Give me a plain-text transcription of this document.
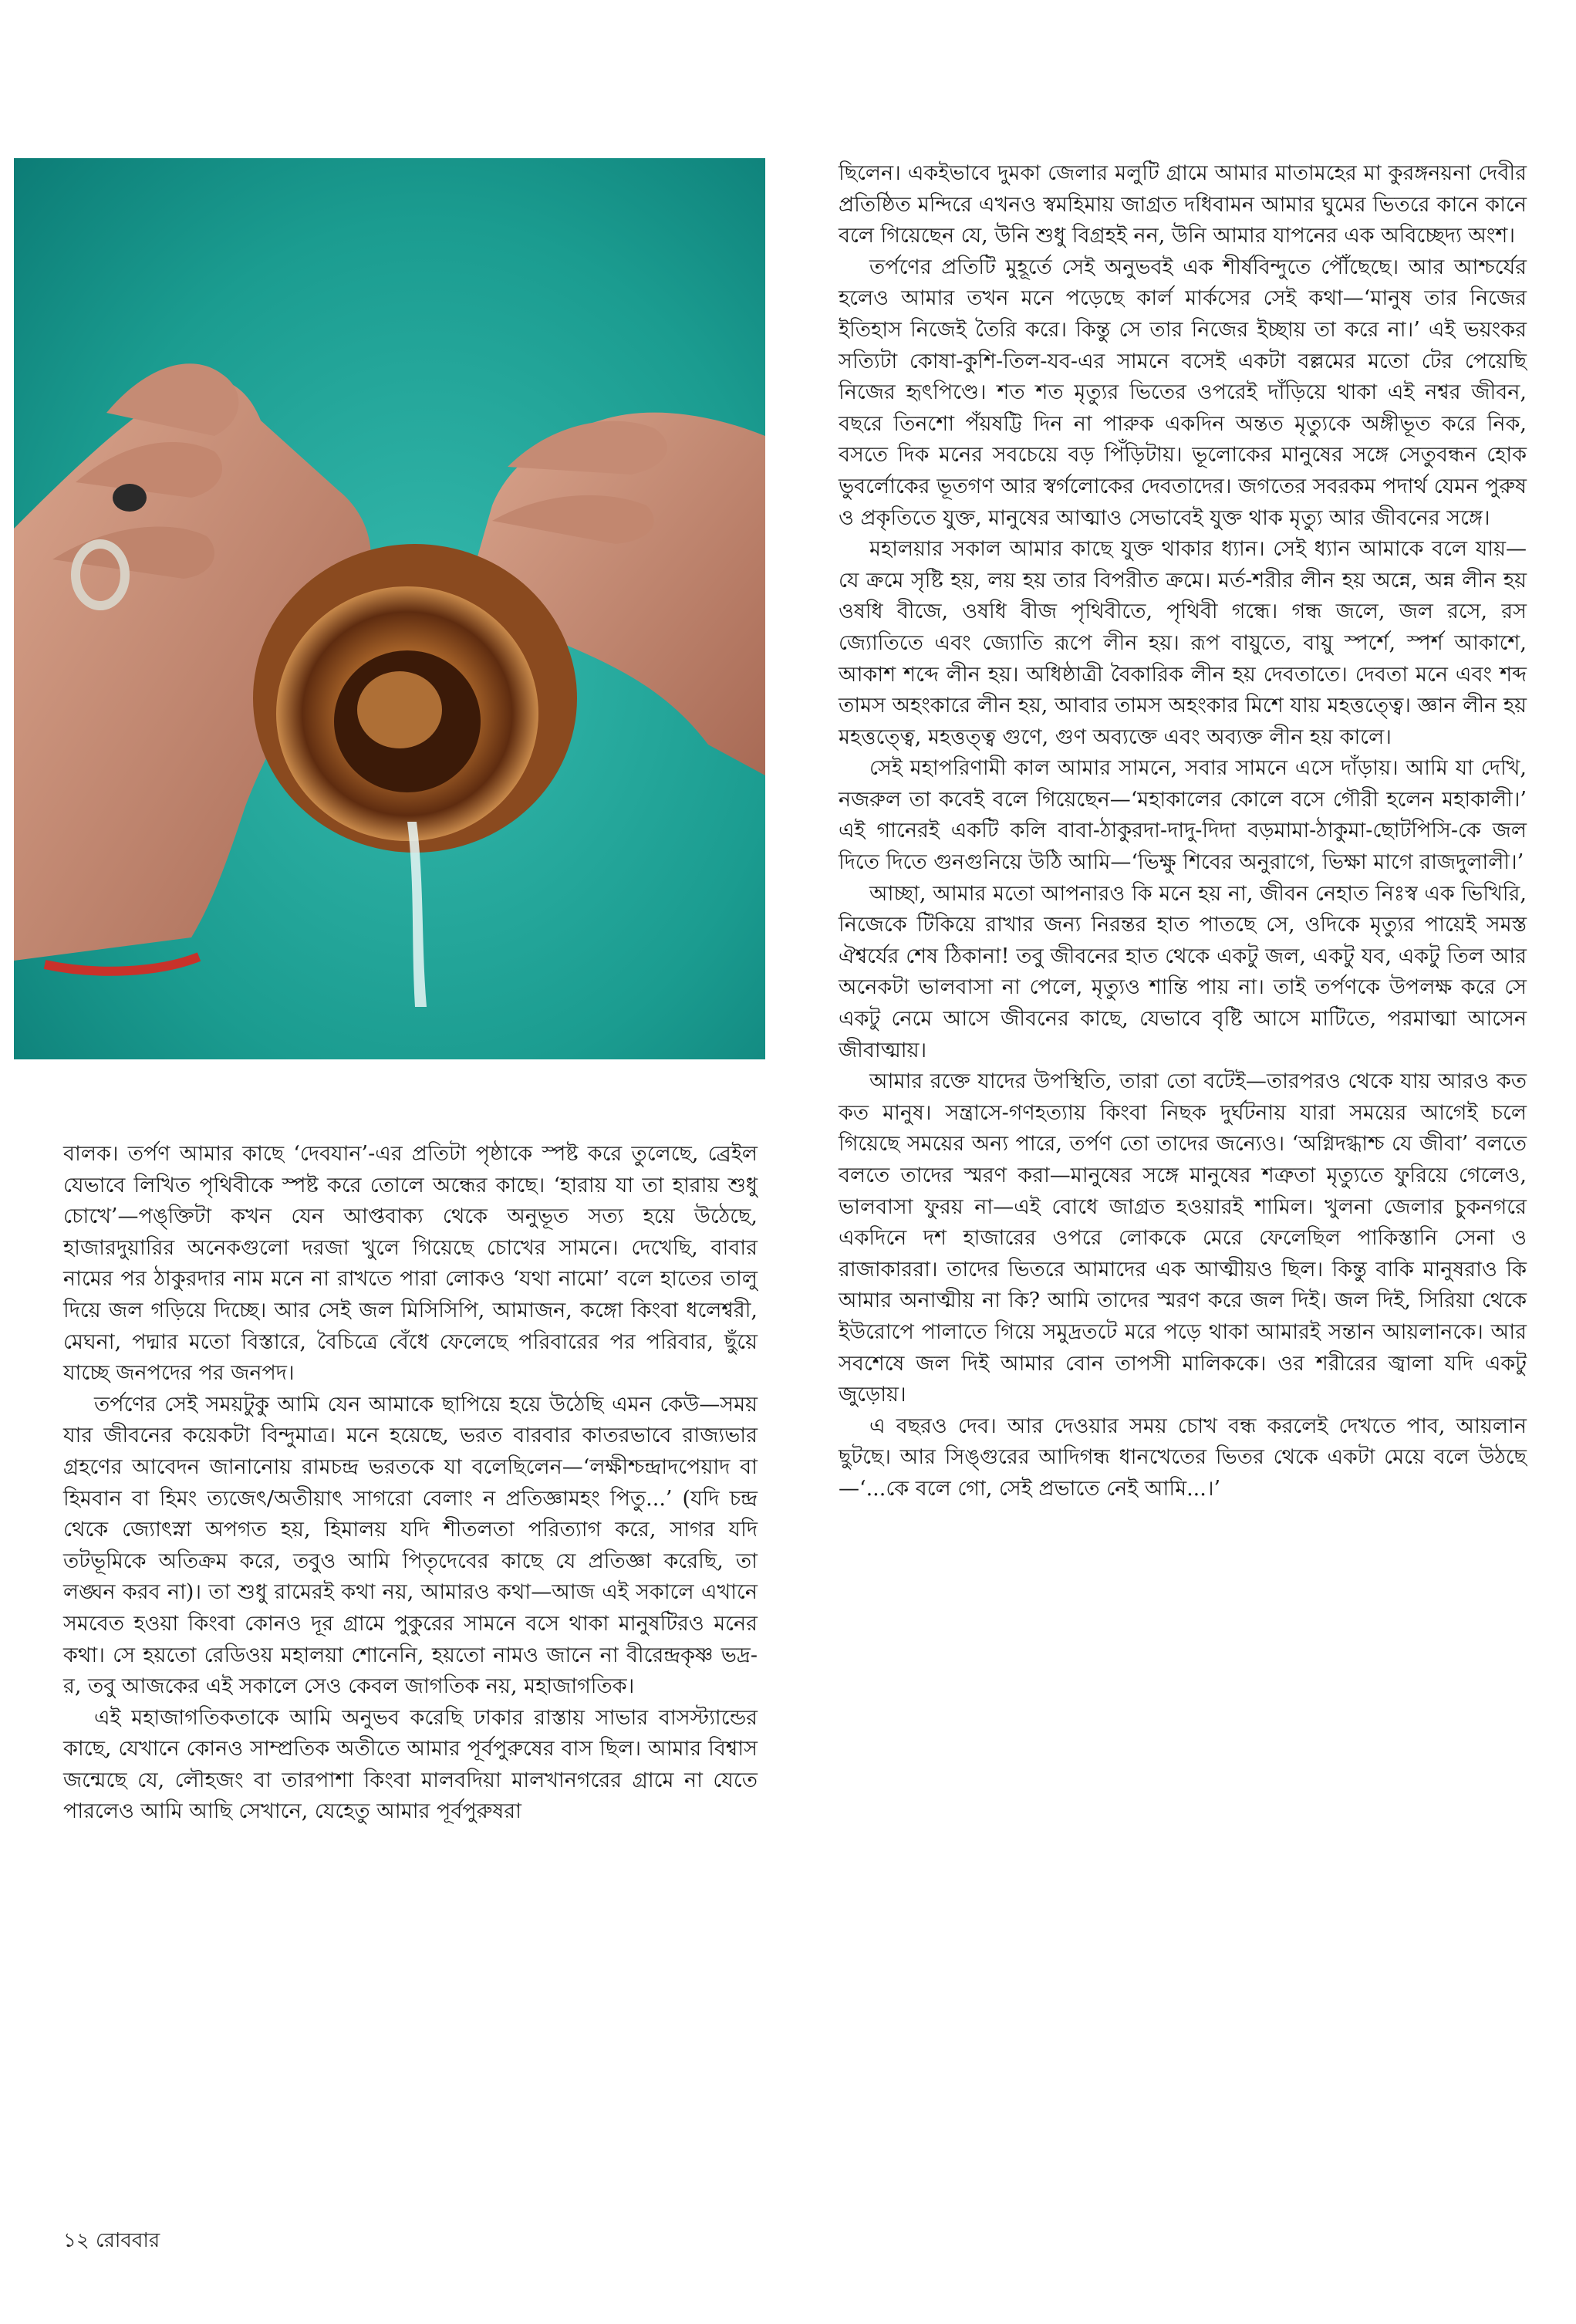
বালক। তর্পণ আমার কাছে ‘দেবযান’-এর প্রতিটা পৃষ্ঠাকে স্পষ্ট করে তুলেছে, ব্রেইল যেভাবে লিখিত পৃথিবীকে স্পষ্ট করে তোলে অন্ধের কাছে। ‘হারায় যা তা হারায় শুধু চোখে’—পঙ্‌ক্তিটা কখন যেন আপ্তবাক্য থেকে অনুভূত সত্য হয়ে উঠেছে, হাজারদুয়ারির অনেকগুলো দরজা খুলে গিয়েছে চোখের সামনে। দেখেছি, বাবার নামের পর ঠাকুরদার নাম মনে না রাখতে পারা লোকও ‘যথা নামো’ বলে হাতের তালু দিয়ে জল গড়িয়ে দিচ্ছে। আর সেই জল মিসিসিপি, আমাজন, কঙ্গো কিংবা ধলেশ্বরী, মেঘনা, পদ্মার মতো বিস্তারে, বৈচিত্রে বেঁধে ফেলেছে পরিবারের পর পরিবার, ছুঁয়ে যাচ্ছে জনপদের পর জনপদ।

তর্পণের সেই সময়টুকু আমি যেন আমাকে ছাপিয়ে হয়ে উঠেছি এমন কেউ—সময় যার জীবনের কয়েকটা বিন্দুমাত্র। মনে হয়েছে, ভরত বারবার কাতরভাবে রাজ্যভার গ্রহণের আবেদন জানানোয় রামচন্দ্র ভরতকে যা বলেছিলেন—‘লক্ষীশ্চন্দ্রাদপেয়াদ বা হিমবান বা হিমং ত্যজেৎ/অতীয়াৎ সাগরো বেলাং ন প্রতিজ্ঞামহং পিতু...’ (যদি চন্দ্র থেকে জ্যোৎস্না অপগত হয়, হিমালয় যদি শীতলতা পরিত্যাগ করে, সাগর যদি তটভূমিকে অতিক্রম করে, তবুও আমি পিতৃদেবের কাছে যে প্রতিজ্ঞা করেছি, তা লঙ্ঘন করব না)। তা শুধু রামেরই কথা নয়, আমারও কথা—আজ এই সকালে এখানে সমবেত হওয়া কিংবা কোনও দূর গ্রামে পুকুরের সামনে বসে থাকা মানুষটিরও মনের কথা। সে হয়তো রেডিওয় মহালয়া শোনেনি, হয়তো নামও জানে না বীরেন্দ্রকৃষ্ণ ভদ্র-র, তবু আজকের এই সকালে সেও কেবল জাগতিক নয়, মহাজাগতিক।

এই মহাজাগতিকতাকে আমি অনুভব করেছি ঢাকার রাস্তায় সাভার বাসস্ট্যান্ডের কাছে, যেখানে কোনও সাম্প্রতিক অতীতে আমার পূর্বপুরুষের বাস ছিল। আমার বিশ্বাস জন্মেছে যে, লৌহজং বা তারপাশা কিংবা মালবদিয়া মালখানগরের গ্রামে না যেতে পারলেও আমি আছি সেখানে, যেহেতু আমার পূর্বপুরুষরা

ছিলেন। একইভাবে দুমকা জেলার মলুটি গ্রামে আমার মাতামহের মা কুরঙ্গনয়না দেবীর প্রতিষ্ঠিত মন্দিরে এখনও স্বমহিমায় জাগ্রত দধিবামন আমার ঘুমের ভিতরে কানে কানে বলে গিয়েছেন যে, উনি শুধু বিগ্রহই নন, উনি আমার যাপনের এক অবিচ্ছেদ্য অংশ।

তর্পণের প্রতিটি মুহূর্তে সেই অনুভবই এক শীর্ষবিন্দুতে পৌঁছেছে। আর আশ্চর্যের হলেও আমার তখন মনে পড়েছে কার্ল মার্কসের সেই কথা—‘মানুষ তার নিজের ইতিহাস নিজেই তৈরি করে। কিন্তু সে তার নিজের ইচ্ছায় তা করে না।’ এই ভয়ংকর সত্যিটা কোষা-কুশি-তিল-যব-এর সামনে বসেই একটা বল্লমের মতো টের পেয়েছি নিজের হৃৎপিণ্ডে। শত শত মৃত্যুর ভিতের ওপরেই দাঁড়িয়ে থাকা এই নশ্বর জীবন, বছরে তিনশো পঁয়ষট্টি দিন না পারুক একদিন অন্তত মৃত্যুকে অঙ্গীভূত করে নিক, বসতে দিক মনের সবচেয়ে বড় পিঁড়িটায়। ভূলোকের মানুষের সঙ্গে সেতুবন্ধন হোক ভুবর্লোকের ভূতগণ আর স্বর্গলোকের দেবতাদের। জগতের সবরকম পদার্থ যেমন পুরুষ ও প্রকৃতিতে যুক্ত, মানুষের আত্মাও সেভাবেই যুক্ত থাক মৃত্যু আর জীবনের সঙ্গে।

মহালয়ার সকাল আমার কাছে যুক্ত থাকার ধ্যান। সেই ধ্যান আমাকে বলে যায়—যে ক্রমে সৃষ্টি হয়, লয় হয় তার বিপরীত ক্রমে। মর্ত-শরীর লীন হয় অন্নে, অন্ন লীন হয় ওষধি বীজে, ওষধি বীজ পৃথিবীতে, পৃথিবী গন্ধে। গন্ধ জলে, জল রসে, রস জ্যোতিতে এবং জ্যোতি রূপে লীন হয়। রূপ বায়ুতে, বায়ু স্পর্শে, স্পর্শ আকাশে, আকাশ শব্দে লীন হয়। অধিষ্ঠাত্রী বৈকারিক লীন হয় দেবতাতে। দেবতা মনে এবং শব্দ তামস অহংকারে লীন হয়, আবার তামস অহংকার মিশে যায় মহত্তত্ত্বে। জ্ঞান লীন হয় মহত্তত্ত্বে, মহত্তত্ত্ব গুণে, গুণ অব্যক্তে এবং অব্যক্ত লীন হয় কালে।

সেই মহাপরিণামী কাল আমার সামনে, সবার সামনে এসে দাঁড়ায়। আমি যা দেখি, নজরুল তা কবেই বলে গিয়েছেন—‘মহাকালের কোলে বসে গৌরী হলেন মহাকালী।’ এই গানেরই একটি কলি বাবা-ঠাকুরদা-দাদু-দিদা বড়মামা-ঠাকুমা-ছোটপিসি-কে জল দিতে দিতে গুনগুনিয়ে উঠি আমি—‘ভিক্ষু শিবের অনুরাগে, ভিক্ষা মাগে রাজদুলালী।’

আচ্ছা, আমার মতো আপনারও কি মনে হয় না, জীবন নেহাত নিঃস্ব এক ভিখিরি, নিজেকে টিকিয়ে রাখার জন্য নিরন্তর হাত পাতছে সে, ওদিকে মৃত্যুর পায়েই সমস্ত ঐশ্বর্যের শেষ ঠিকানা! তবু জীবনের হাত থেকে একটু জল, একটু যব, একটু তিল আর অনেকটা ভালবাসা না পেলে, মৃত্যুও শান্তি পায় না। তাই তর্পণকে উপলক্ষ করে সে একটু নেমে আসে জীবনের কাছে, যেভাবে বৃষ্টি আসে মাটিতে, পরমাত্মা আসেন জীবাত্মায়।

আমার রক্তে যাদের উপস্থিতি, তারা তো বটেই—তারপরও থেকে যায় আরও কত কত মানুষ। সন্ত্রাসে-গণহত্যায় কিংবা নিছক দুর্ঘটনায় যারা সময়ের আগেই চলে গিয়েছে সময়ের অন্য পারে, তর্পণ তো তাদের জন্যেও। ‘অগ্নিদগ্ধাশ্চ যে জীবা’ বলতে বলতে তাদের স্মরণ করা—মানুষের সঙ্গে মানুষের শত্রুতা মৃত্যুতে ফুরিয়ে গেলেও, ভালবাসা ফুরয় না—এই বোধে জাগ্রত হওয়ারই শামিল। খুলনা জেলার চুকনগরে একদিনে দশ হাজারের ওপরে লোককে মেরে ফেলেছিল পাকিস্তানি সেনা ও রাজাকাররা। তাদের ভিতরে আমাদের এক আত্মীয়ও ছিল। কিন্তু বাকি মানুষরাও কি আমার অনাত্মীয় না কি? আমি তাদের স্মরণ করে জল দিই। জল দিই, সিরিয়া থেকে ইউরোপে পালাতে গিয়ে সমুদ্রতটে মরে পড়ে থাকা আমারই সন্তান আয়লানকে। আর সবশেষে জল দিই আমার বোন তাপসী মালিককে। ওর শরীরের জ্বালা যদি একটু জুড়োয়।

এ বছরও দেব। আর দেওয়ার সময় চোখ বন্ধ করলেই দেখতে পাব, আয়লান ছুটছে। আর সিঙ্গুরের আদিগন্ধ ধানখেতের ভিতর থেকে একটা মেয়ে বলে উঠছে—‘...কে বলে গো, সেই প্রভাতে নেই আমি...।’

১২ রোববার
